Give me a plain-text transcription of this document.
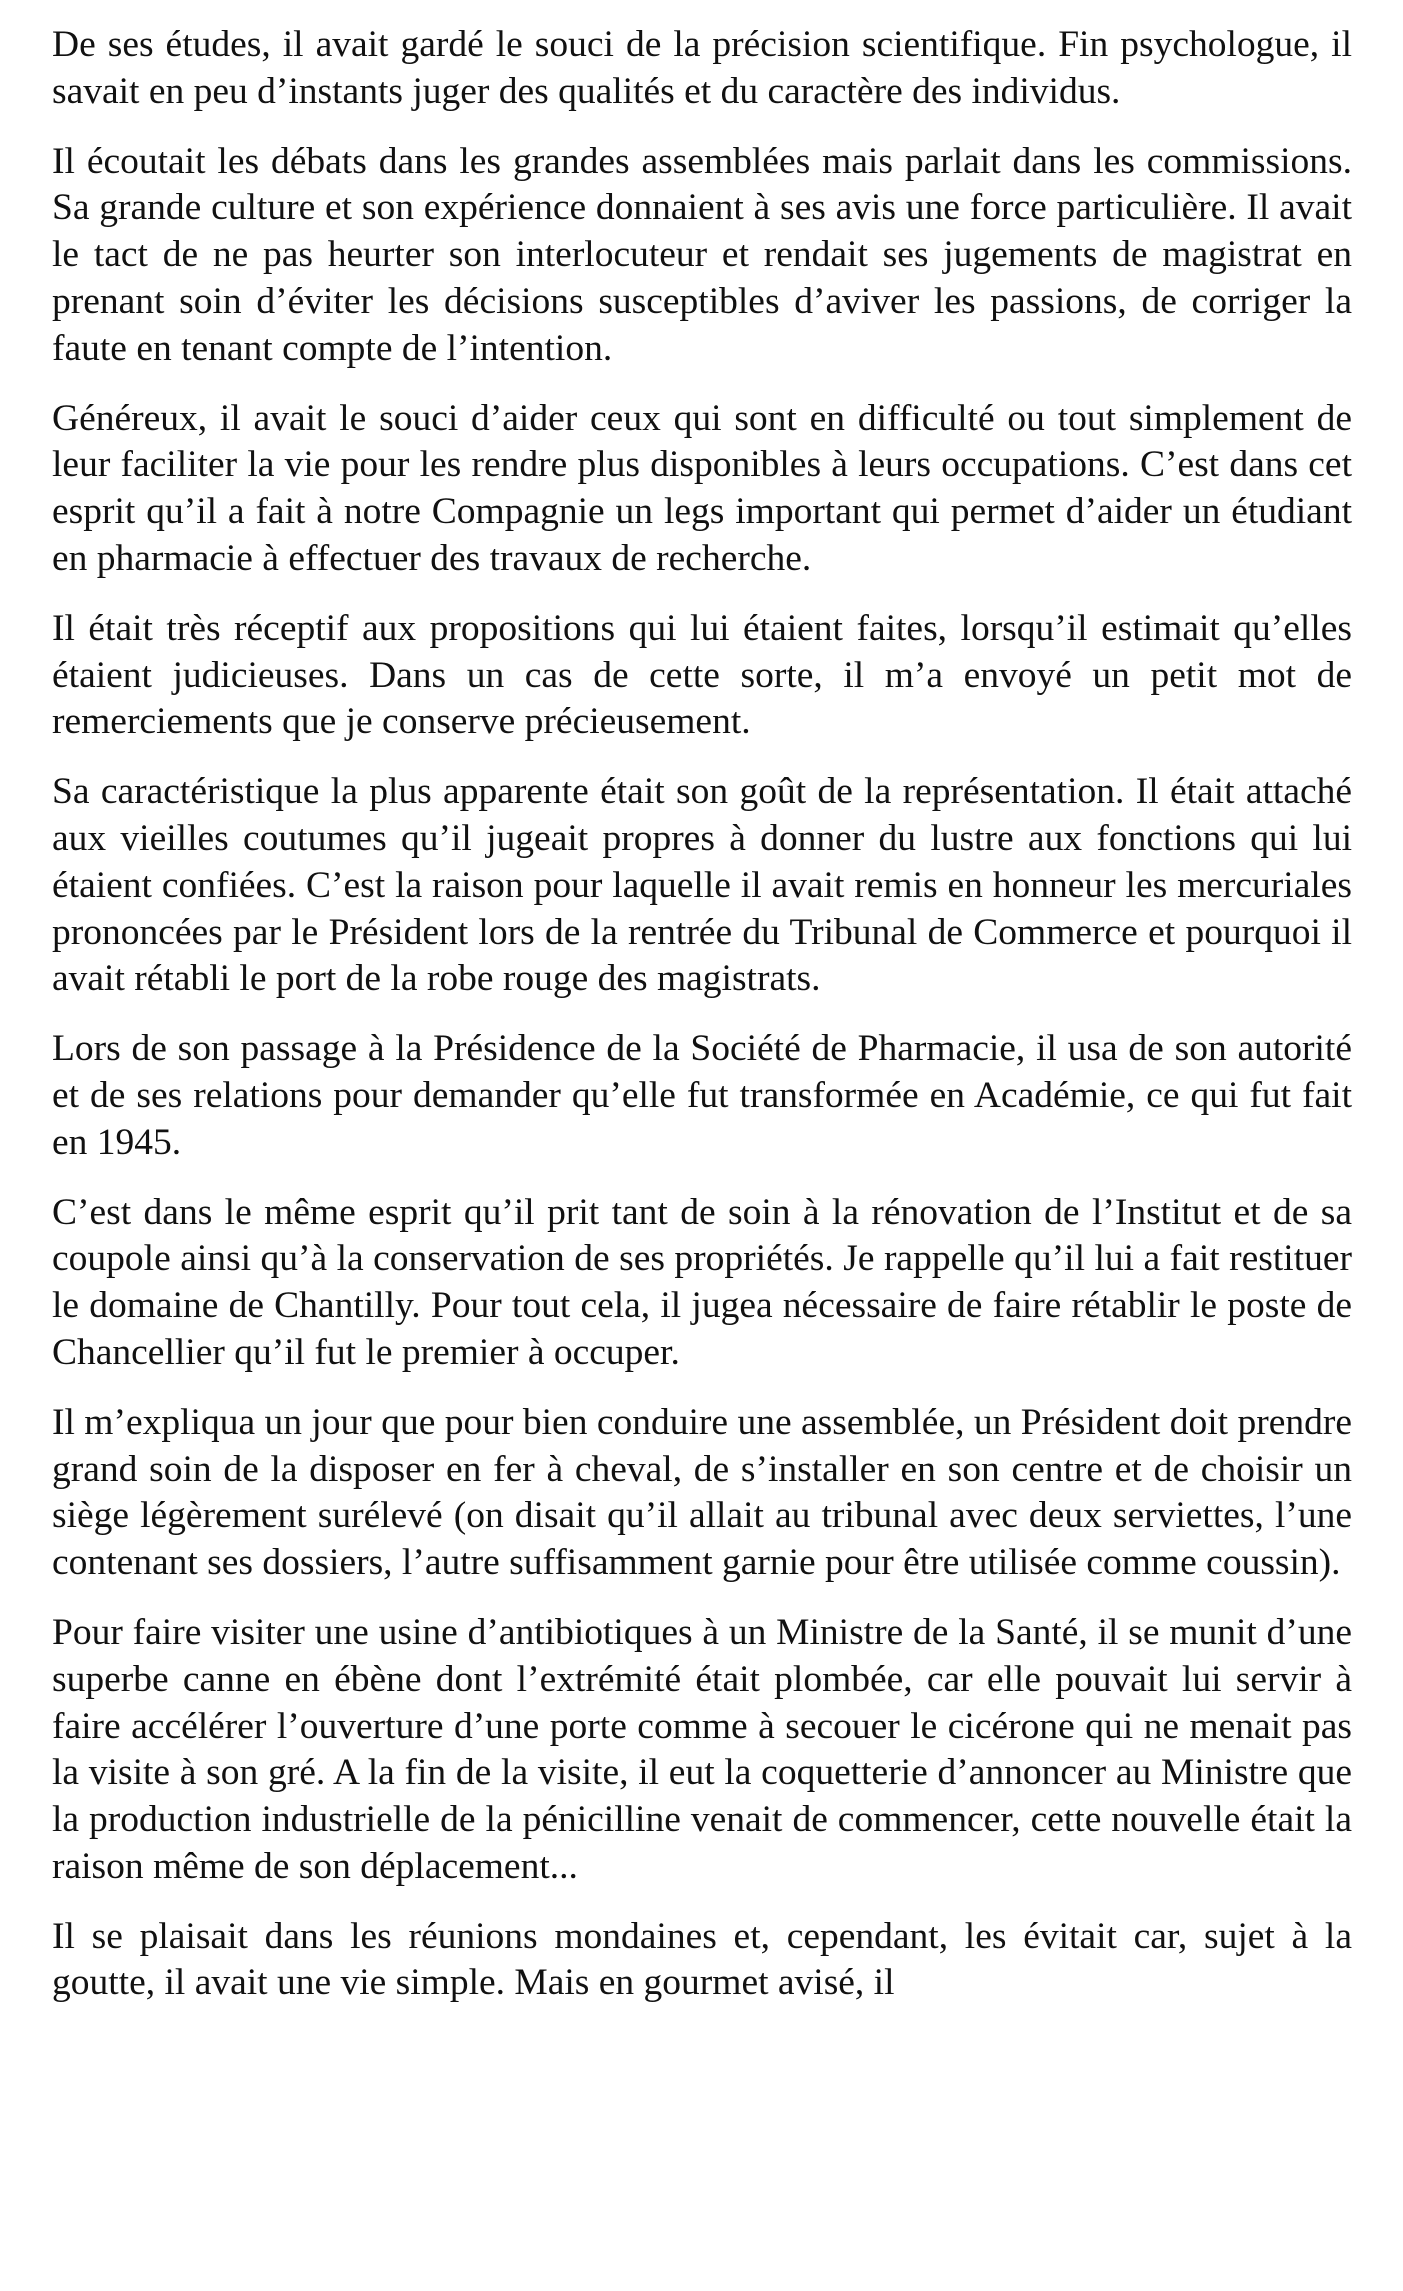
De ses études, il avait gardé le souci de la précision scientifique. Fin psychologue, il savait en peu d’instants juger des qualités et du caractère des individus.

Il écoutait les débats dans les grandes assemblées mais parlait dans les commissions. Sa grande culture et son expérience donnaient à ses avis une force particulière. Il avait le tact de ne pas heurter son interlocuteur et rendait ses jugements de magistrat en prenant soin d’éviter les décisions susceptibles d’aviver les passions, de corriger la faute en tenant compte de l’intention.

Généreux, il avait le souci d’aider ceux qui sont en difficulté ou tout simplement de leur faciliter la vie pour les rendre plus disponibles à leurs occupations. C’est dans cet esprit qu’il a fait à notre Compagnie un legs important qui permet d’aider un étudiant en pharmacie à effectuer des travaux de recherche.

Il était très réceptif aux propositions qui lui étaient faites, lorsqu’il estimait qu’elles étaient judicieuses. Dans un cas de cette sorte, il m’a envoyé un petit mot de remerciements que je conserve précieusement.

Sa caractéristique la plus apparente était son goût de la représentation. Il était attaché aux vieilles coutumes qu’il jugeait propres à donner du lustre aux fonctions qui lui étaient confiées. C’est la raison pour laquelle il avait remis en honneur les mercuriales prononcées par le Président lors de la rentrée du Tribunal de Commerce et pourquoi il avait rétabli le port de la robe rouge des magistrats.

Lors de son passage à la Présidence de la Société de Pharmacie, il usa de son autorité et de ses relations pour demander qu’elle fut transformée en Académie, ce qui fut fait en 1945.

C’est dans le même esprit qu’il prit tant de soin à la rénovation de l’Institut et de sa coupole ainsi qu’à la conservation de ses propriétés. Je rappelle qu’il lui a fait restituer le domaine de Chantilly. Pour tout cela, il jugea nécessaire de faire rétablir le poste de Chancellier qu’il fut le premier à occuper.

Il m’expliqua un jour que pour bien conduire une assemblée, un Président doit prendre grand soin de la disposer en fer à cheval, de s’installer en son centre et de choisir un siège légèrement surélevé (on disait qu’il allait au tribunal avec deux serviettes, l’une contenant ses dossiers, l’autre suffisamment garnie pour être utilisée comme coussin).

Pour faire visiter une usine d’antibiotiques à un Ministre de la Santé, il se munit d’une superbe canne en ébène dont l’extrémité était plombée, car elle pouvait lui servir à faire accélérer l’ouverture d’une porte comme à secouer le cicérone qui ne menait pas la visite à son gré. A la fin de la visite, il eut la coquetterie d’annoncer au Ministre que la production industrielle de la pénicilline venait de commencer, cette nouvelle était la raison même de son déplacement...

Il se plaisait dans les réunions mondaines et, cependant, les évitait car, sujet à la goutte, il avait une vie simple. Mais en gourmet avisé, il
